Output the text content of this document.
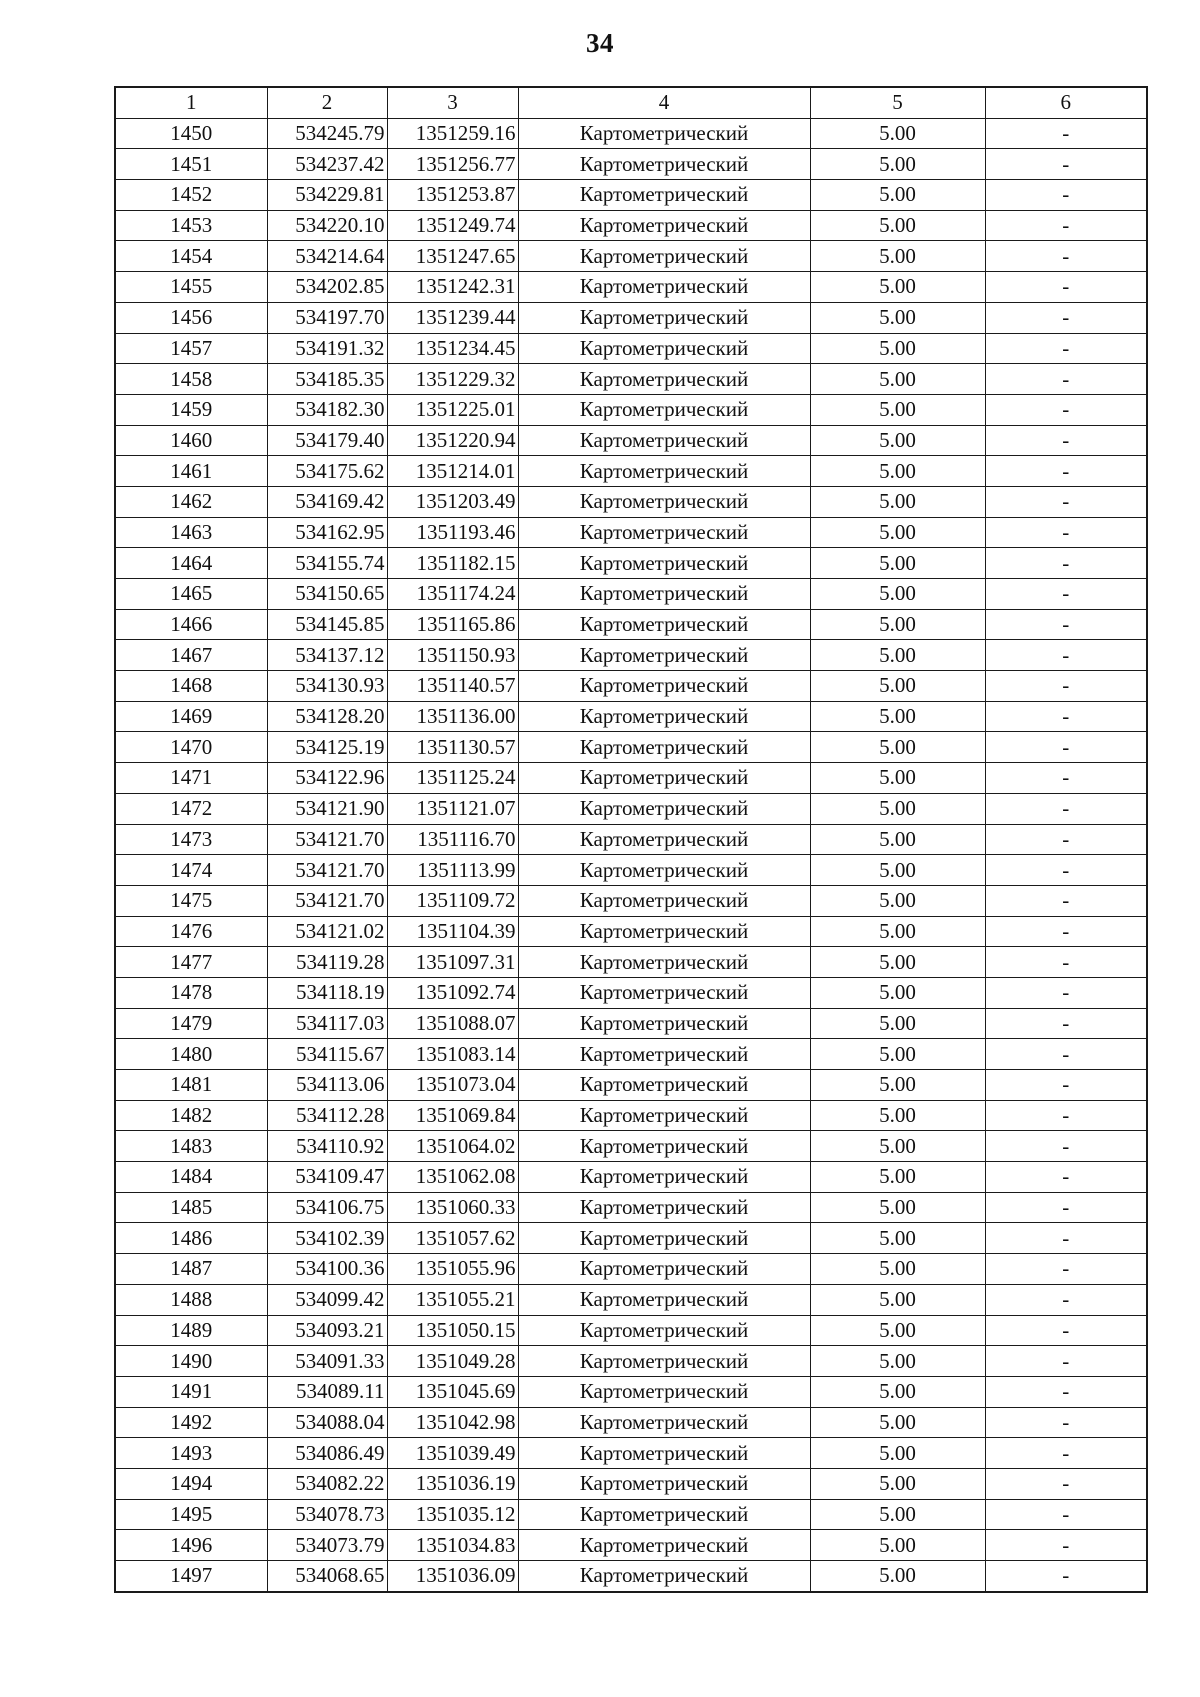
34
1	2	3	4	5	6
1450	534245.79	1351259.16	Картометрический	5.00	-
1451	534237.42	1351256.77	Картометрический	5.00	-
1452	534229.81	1351253.87	Картометрический	5.00	-
1453	534220.10	1351249.74	Картометрический	5.00	-
1454	534214.64	1351247.65	Картометрический	5.00	-
1455	534202.85	1351242.31	Картометрический	5.00	-
1456	534197.70	1351239.44	Картометрический	5.00	-
1457	534191.32	1351234.45	Картометрический	5.00	-
1458	534185.35	1351229.32	Картометрический	5.00	-
1459	534182.30	1351225.01	Картометрический	5.00	-
1460	534179.40	1351220.94	Картометрический	5.00	-
1461	534175.62	1351214.01	Картометрический	5.00	-
1462	534169.42	1351203.49	Картометрический	5.00	-
1463	534162.95	1351193.46	Картометрический	5.00	-
1464	534155.74	1351182.15	Картометрический	5.00	-
1465	534150.65	1351174.24	Картометрический	5.00	-
1466	534145.85	1351165.86	Картометрический	5.00	-
1467	534137.12	1351150.93	Картометрический	5.00	-
1468	534130.93	1351140.57	Картометрический	5.00	-
1469	534128.20	1351136.00	Картометрический	5.00	-
1470	534125.19	1351130.57	Картометрический	5.00	-
1471	534122.96	1351125.24	Картометрический	5.00	-
1472	534121.90	1351121.07	Картометрический	5.00	-
1473	534121.70	1351116.70	Картометрический	5.00	-
1474	534121.70	1351113.99	Картометрический	5.00	-
1475	534121.70	1351109.72	Картометрический	5.00	-
1476	534121.02	1351104.39	Картометрический	5.00	-
1477	534119.28	1351097.31	Картометрический	5.00	-
1478	534118.19	1351092.74	Картометрический	5.00	-
1479	534117.03	1351088.07	Картометрический	5.00	-
1480	534115.67	1351083.14	Картометрический	5.00	-
1481	534113.06	1351073.04	Картометрический	5.00	-
1482	534112.28	1351069.84	Картометрический	5.00	-
1483	534110.92	1351064.02	Картометрический	5.00	-
1484	534109.47	1351062.08	Картометрический	5.00	-
1485	534106.75	1351060.33	Картометрический	5.00	-
1486	534102.39	1351057.62	Картометрический	5.00	-
1487	534100.36	1351055.96	Картометрический	5.00	-
1488	534099.42	1351055.21	Картометрический	5.00	-
1489	534093.21	1351050.15	Картометрический	5.00	-
1490	534091.33	1351049.28	Картометрический	5.00	-
1491	534089.11	1351045.69	Картометрический	5.00	-
1492	534088.04	1351042.98	Картометрический	5.00	-
1493	534086.49	1351039.49	Картометрический	5.00	-
1494	534082.22	1351036.19	Картометрический	5.00	-
1495	534078.73	1351035.12	Картометрический	5.00	-
1496	534073.79	1351034.83	Картометрический	5.00	-
1497	534068.65	1351036.09	Картометрический	5.00	-
